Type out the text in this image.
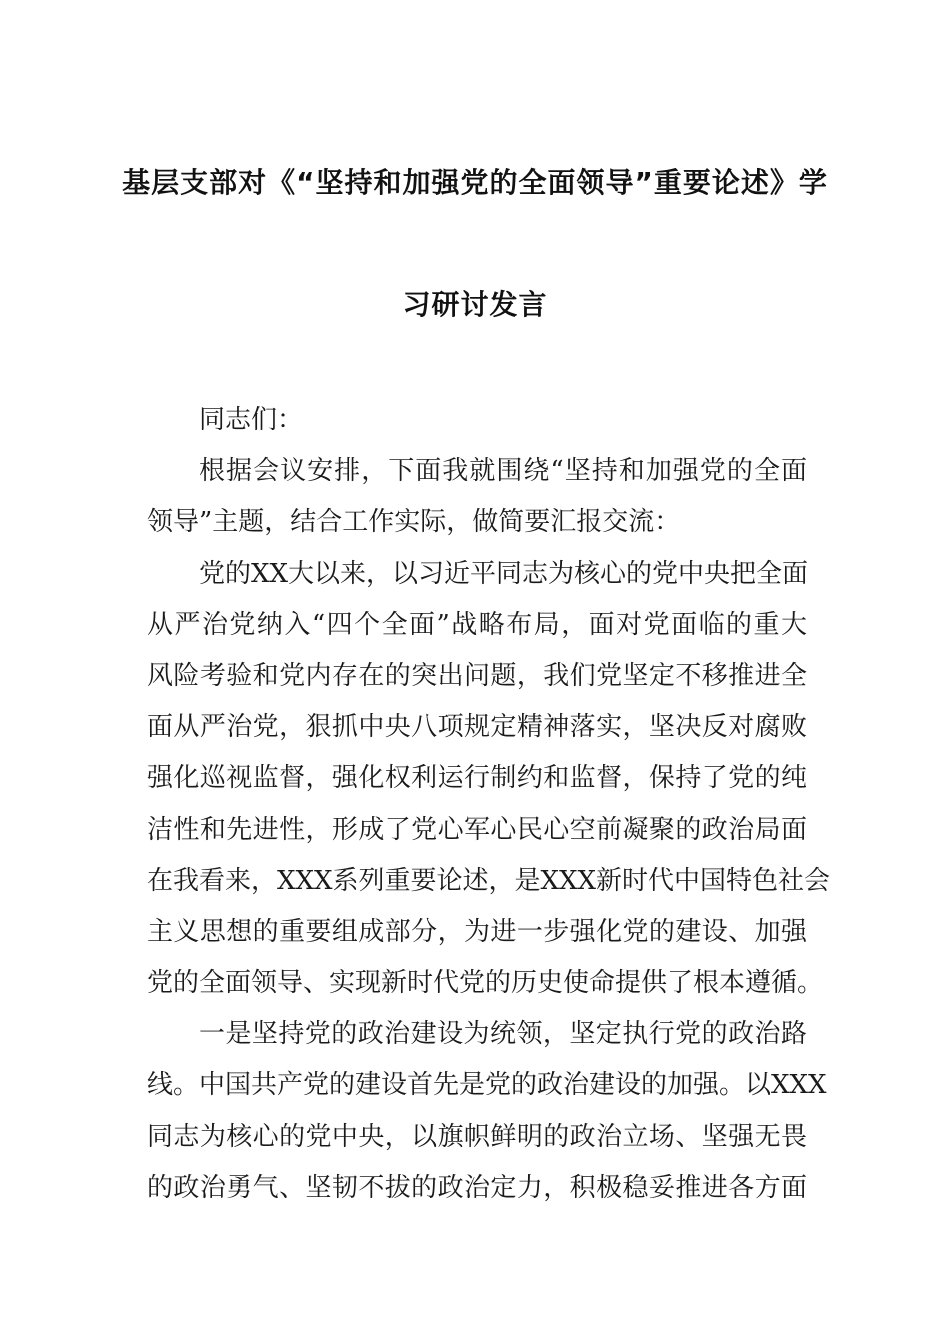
基层支部对《“坚持和加强党的全面领导”重要论述》学
习研讨发言
同志们：
根据会议安排，下面我就围绕“坚持和加强党的全面
领导”主题，结合工作实际，做简要汇报交流：
党的XX大以来，以习近平同志为核心的党中央把全面
从严治党纳入“四个全面”战略布局，面对党面临的重大
风险考验和党内存在的突出问题，我们党坚定不移推进全
面从严治党，狠抓中央八项规定精神落实，坚决反对腐败
强化巡视监督，强化权利运行制约和监督，保持了党的纯
洁性和先进性，形成了党心军心民心空前凝聚的政治局面
在我看来，XXX系列重要论述，是XXX新时代中国特色社会
主义思想的重要组成部分，为进一步强化党的建设、加强
党的全面领导、实现新时代党的历史使命提供了根本遵循。
一是坚持党的政治建设为统领，坚定执行党的政治路
线。中国共产党的建设首先是党的政治建设的加强。以XXX
同志为核心的党中央，以旗帜鲜明的政治立场、坚强无畏
的政治勇气、坚韧不拔的政治定力，积极稳妥推进各方面
